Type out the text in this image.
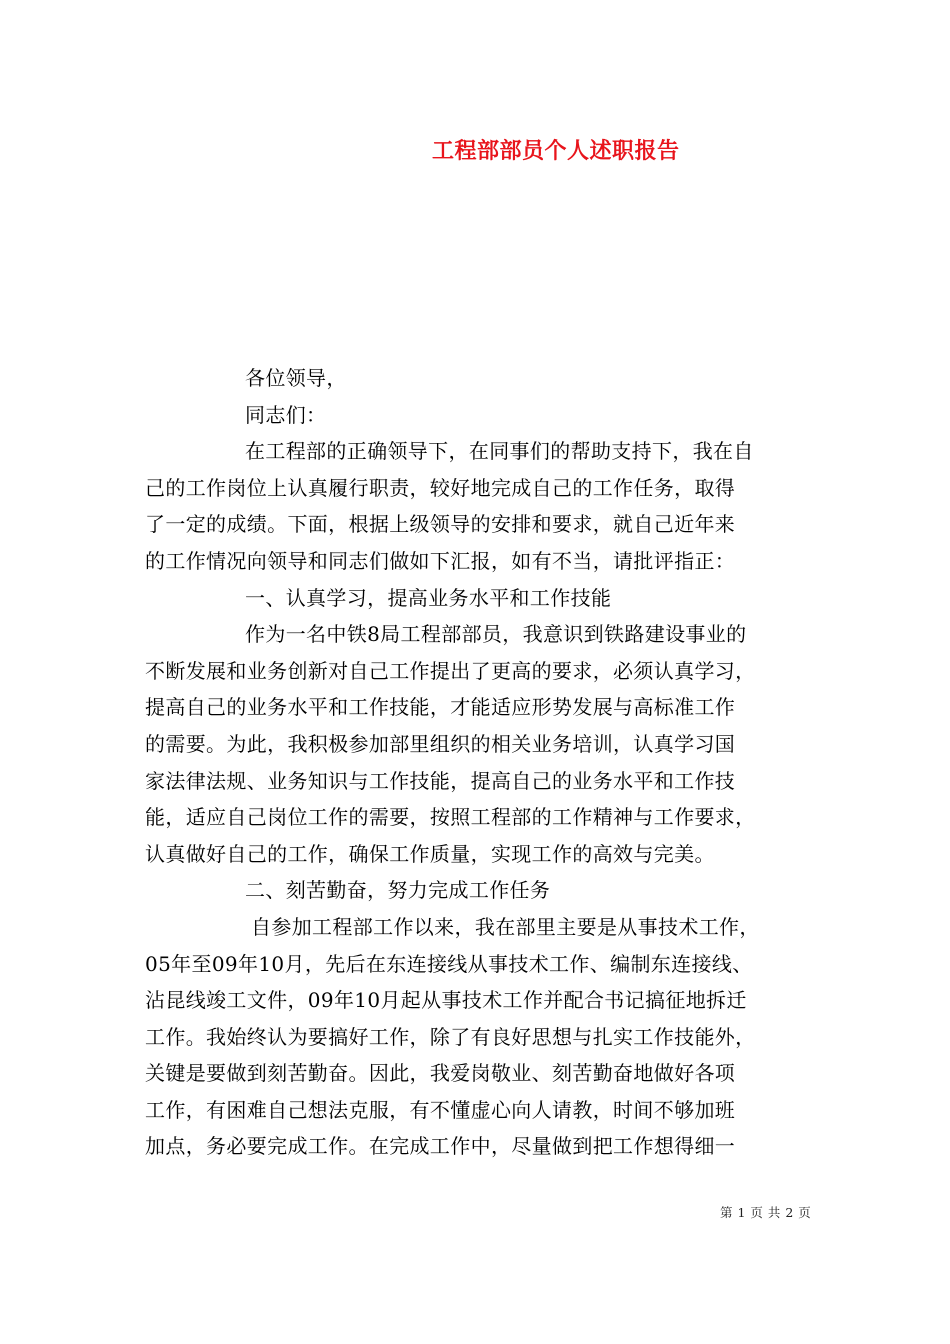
工程部部员个人述职报告
各位领导，
同志们：
在工程部的正确领导下，在同事们的帮助支持下，我在自
己的工作岗位上认真履行职责，较好地完成自己的工作任务，取得
了一定的成绩。下面，根据上级领导的安排和要求，就自己近年来
的工作情况向领导和同志们做如下汇报，如有不当，请批评指正：
一、认真学习，提高业务水平和工作技能
作为一名中铁8局工程部部员，我意识到铁路建设事业的
不断发展和业务创新对自己工作提出了更高的要求，必须认真学习，
提高自己的业务水平和工作技能，才能适应形势发展与高标准工作
的需要。为此，我积极参加部里组织的相关业务培训，认真学习国
家法律法规、业务知识与工作技能，提高自己的业务水平和工作技
能，适应自己岗位工作的需要，按照工程部的工作精神与工作要求，
认真做好自己的工作，确保工作质量，实现工作的高效与完美。
二、刻苦勤奋，努力完成工作任务
自参加工程部工作以来，我在部里主要是从事技术工作，
05年至09年10月，先后在东连接线从事技术工作、编制东连接线、
沾昆线竣工文件，09年10月起从事技术工作并配合书记搞征地拆迁
工作。我始终认为要搞好工作，除了有良好思想与扎实工作技能外，
关键是要做到刻苦勤奋。因此，我爱岗敬业、刻苦勤奋地做好各项
工作，有困难自己想法克服，有不懂虚心向人请教，时间不够加班
加点，务必要完成工作。在完成工作中，尽量做到把工作想得细一
第 1 页 共 2 页
